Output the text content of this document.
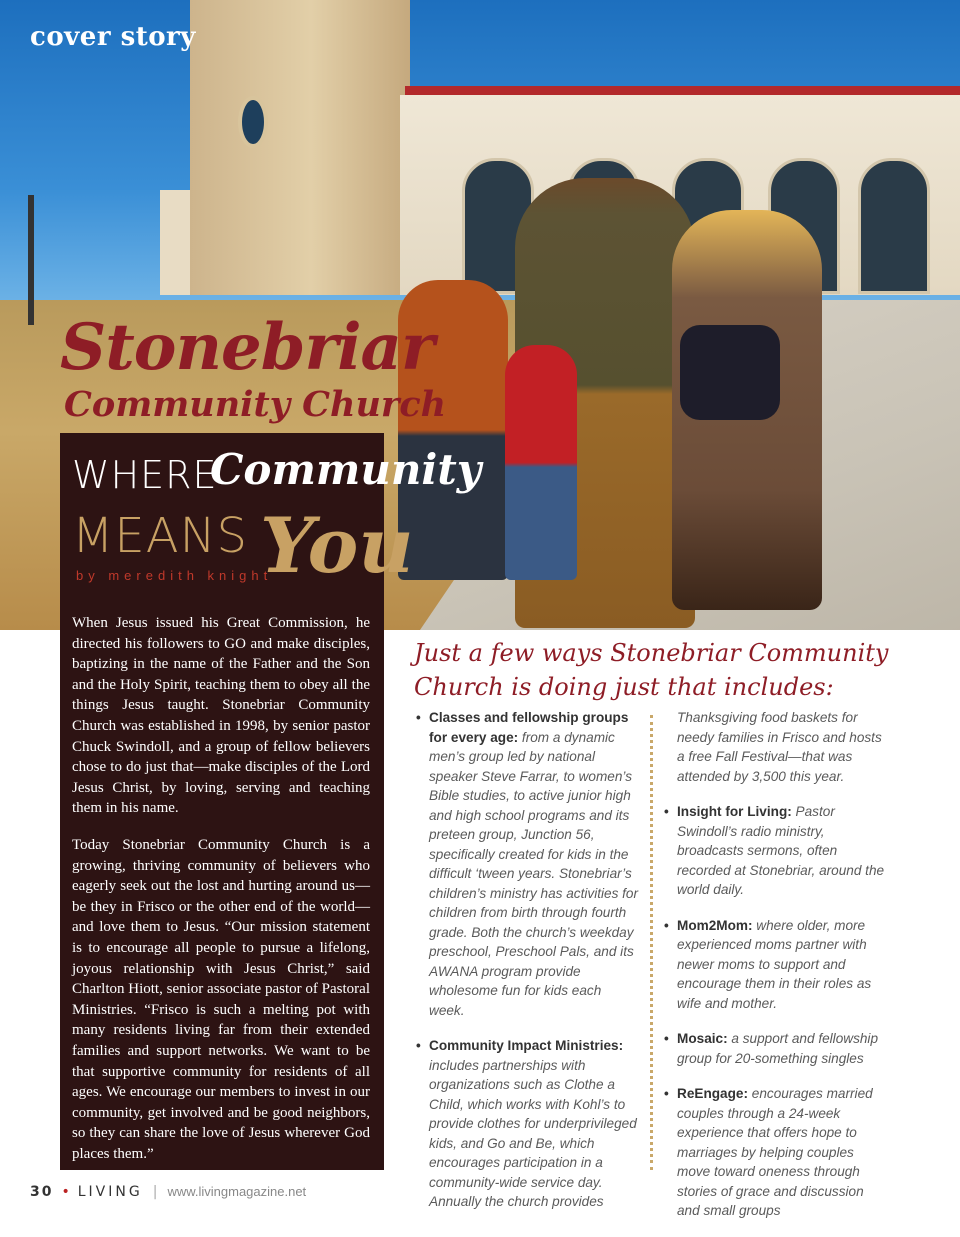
cover story
Stonebriar
Community Church
WHERE
Community
MEANS You
by meredith knight
When Jesus issued his Great Commission, he directed his followers to GO and make disciples, baptizing in the name of the Father and the Son and the Holy Spirit, teaching them to obey all the things Jesus taught. Stonebriar Community Church was established in 1998, by senior pastor Chuck Swindoll, and a group of fellow believers chose to do just that—make disciples of the Lord Jesus Christ, by loving, serving and teaching them in his name.
Today Stonebriar Community Church is a growing, thriving community of believers who eagerly seek out the lost and hurting around us—be they in Frisco or the other end of the world—and love them to Jesus. “Our mission statement is to encourage all people to pursue a lifelong, joyous relationship with Jesus Christ,” said Charlton Hiott, senior associate pastor of Pastoral Ministries. “Frisco is such a melting pot with many residents living far from their extended families and support networks. We want to be that supportive community for residents of all ages. We encourage our members to invest in our community, get involved and be good neighbors, so they can share the love of Jesus wherever God places them.”
Just a few ways Stonebriar Community Church is doing just that includes:
• Classes and fellowship groups for every age: from a dynamic men’s group led by national speaker Steve Farrar, to women’s Bible studies, to active junior high and high school programs and its preteen group, Junction 56, specifically created for kids in the difficult ‘tween years. Stonebriar’s children’s ministry has activities for children from birth through fourth grade. Both the church’s weekday preschool, Preschool Pals, and its AWANA program provide wholesome fun for kids each week.
• Community Impact Ministries: includes partnerships with organizations such as Clothe a Child, which works with Kohl’s to provide clothes for underprivileged kids, and Go and Be, which encourages participation in a community-wide service day. Annually the church provides
Thanksgiving food baskets for needy families in Frisco and hosts a free Fall Festival—that was attended by 3,500 this year.
• Insight for Living: Pastor Swindoll’s radio ministry, broadcasts sermons, often recorded at Stonebriar, around the world daily.
• Mom2Mom: where older, more experienced moms partner with newer moms to support and encourage them in their roles as wife and mother.
• Mosaic: a support and fellowship group for 20-something singles
• ReEngage: encourages married couples through a 24-week experience that offers hope to marriages by helping couples move toward oneness through stories of grace and discussion and small groups
30 • LIVING | www.livingmagazine.net
